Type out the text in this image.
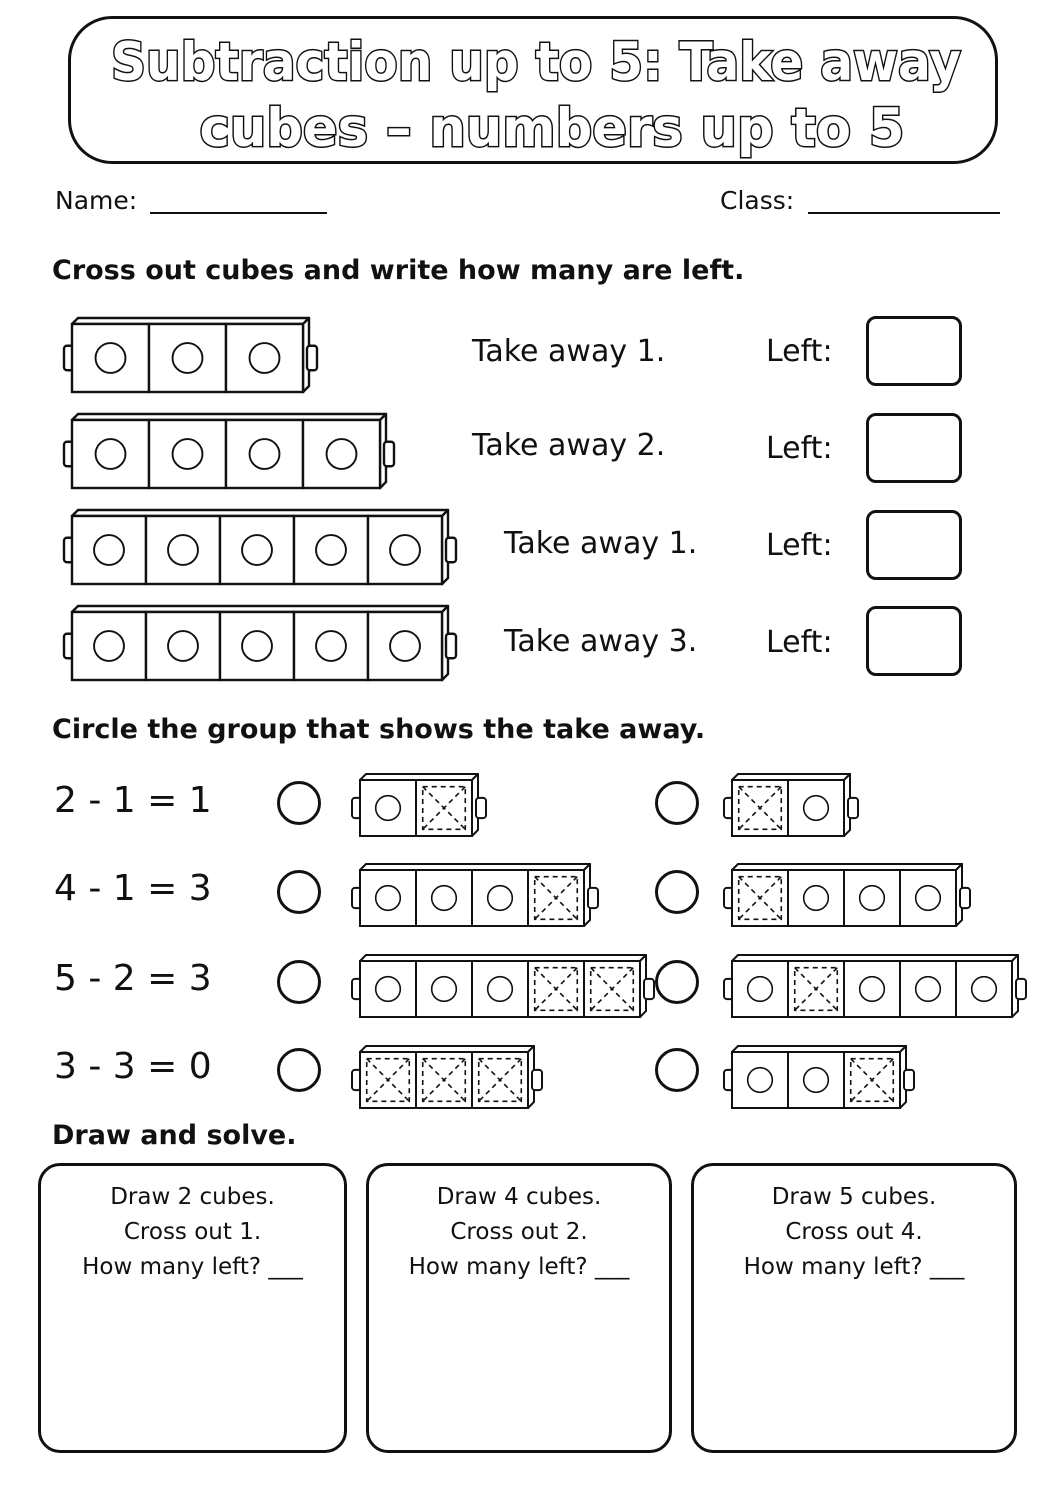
Subtraction up to 5: Take away
cubes – numbers up to 5
Name:	Class:
Cross out cubes and write how many are left.
Take away 1.	Left:
Take away 2.	Left:
Take away 1. Left:
Take away 3. Left:
Circle the group that shows the take away.
2 - 1 = 1
4 - 1 = 3
5 - 2 = 3
3 - 3 = 0
Draw and solve.
Draw 2 cubes.
Cross out 1.
How many left? ___
Draw 4 cubes.
Cross out 2.
How many left? ___
Draw 5 cubes.
Cross out 4.
How many left? ___
